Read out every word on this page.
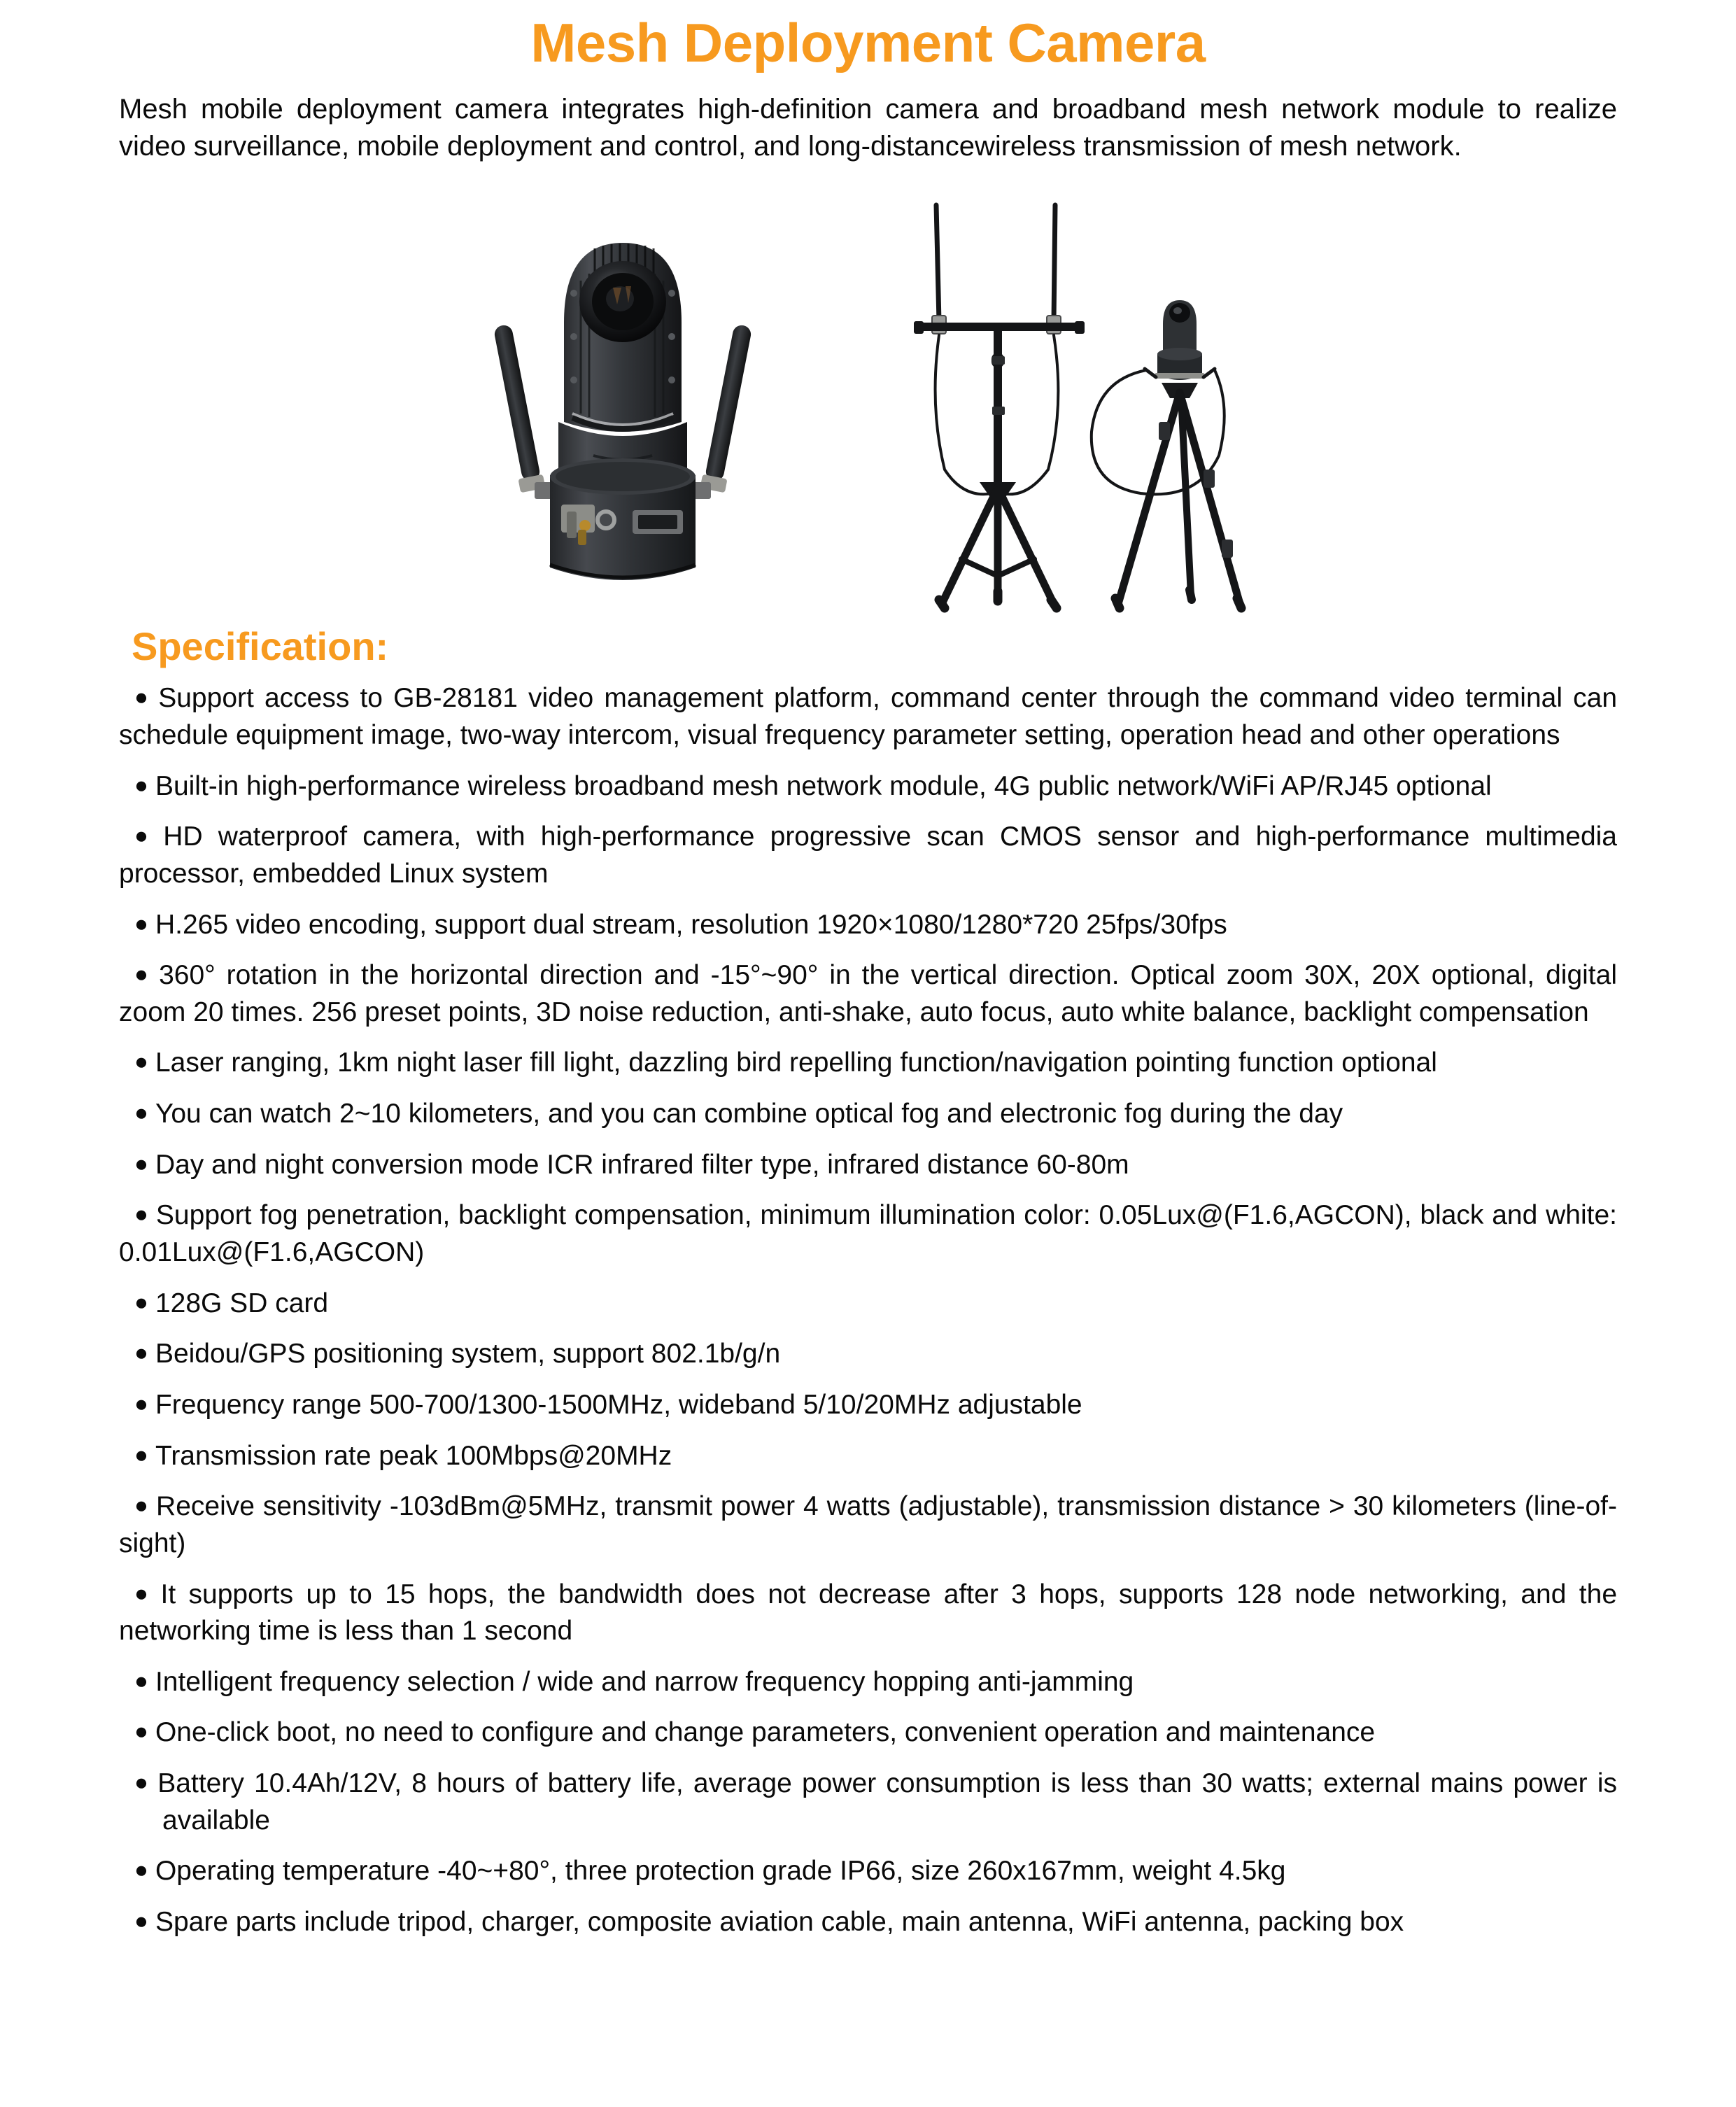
Mesh Deployment Camera

Mesh mobile deployment camera integrates high-definition camera and broadband mesh network module to realize video surveillance, mobile deployment and control, and long-distancewireless transmission of mesh network.

Specification:
● Support access to GB-28181 video management platform, command center through the command video terminal can schedule equipment image, two-way intercom, visual frequency parameter setting, operation head and other operations
● Built-in high-performance wireless broadband mesh network module, 4G public network/WiFi AP/RJ45 optional
● HD waterproof camera, with high-performance progressive scan CMOS sensor and high-performance multimedia processor, embedded Linux system
● H.265 video encoding, support dual stream, resolution 1920×1080/1280*720 25fps/30fps
● 360° rotation in the horizontal direction and -15°~90° in the vertical direction. Optical zoom 30X, 20X optional, digital zoom 20 times. 256 preset points, 3D noise reduction, anti-shake, auto focus, auto white balance, backlight compensation
● Laser ranging, 1km night laser fill light, dazzling bird repelling function/navigation pointing function optional
● You can watch 2~10 kilometers, and you can combine optical fog and electronic fog during the day
● Day and night conversion mode ICR infrared filter type, infrared distance 60-80m
● Support fog penetration, backlight compensation, minimum illumination color: 0.05Lux@(F1.6,AGCON), black and white: 0.01Lux@(F1.6,AGCON)
● 128G SD card
● Beidou/GPS positioning system, support 802.1b/g/n
● Frequency range 500-700/1300-1500MHz, wideband 5/10/20MHz adjustable
● Transmission rate peak 100Mbps@20MHz
● Receive sensitivity -103dBm@5MHz, transmit power 4 watts (adjustable), transmission distance > 30 kilometers (line-of-sight)
● It supports up to 15 hops, the bandwidth does not decrease after 3 hops, supports 128 node networking, and the networking time is less than 1 second
● Intelligent frequency selection / wide and narrow frequency hopping anti-jamming
● One-click boot, no need to configure and change parameters, convenient operation and maintenance
● Battery 10.4Ah/12V, 8 hours of battery life, average power consumption is less than 30 watts; external mains power is available
● Operating temperature -40~+80°, three protection grade IP66, size 260x167mm, weight 4.5kg
● Spare parts include tripod, charger, composite aviation cable, main antenna, WiFi antenna, packing box
